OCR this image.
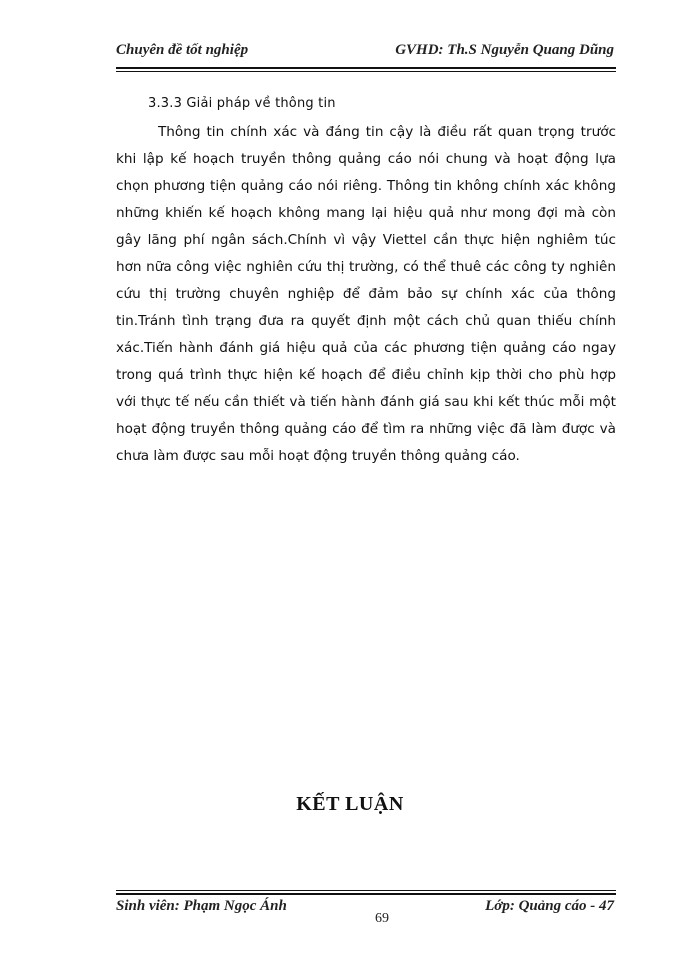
Chuyên đề tốt nghiệp	GVHD: Th.S Nguyễn Quang Dũng
3.3.3 Giải pháp về thông tin

Thông tin chính xác và đáng tin cậy là điều rất quan trọng trước khi lập kế hoạch truyền thông quảng cáo nói chung và hoạt động lựa chọn phương tiện quảng cáo nói riêng. Thông tin không chính xác không những khiến kế hoạch không mang lại hiệu quả như mong đợi mà còn gây lãng phí ngân sách.Chính vì vậy Viettel cần thực hiện nghiêm túc hơn nữa công việc nghiên cứu thị trường, có thể thuê các công ty nghiên cứu thị trường chuyên nghiệp để đảm bảo sự chính xác của thông tin.Tránh tình trạng đưa ra quyết định một cách chủ quan thiếu chính xác.Tiến hành đánh giá hiệu quả của các phương tiện quảng cáo ngay trong quá trình thực hiện kế hoạch để điều chỉnh kịp thời cho phù hợp với thực tế nếu cần thiết và tiến hành đánh giá sau khi kết thúc mỗi một hoạt động truyền thông quảng cáo để tìm ra những việc đã làm được và chưa làm được sau mỗi hoạt động truyền thông quảng cáo.

KẾT LUẬN
Sinh viên: Phạm Ngọc Ánh
69
Lớp: Quảng cáo - 47
